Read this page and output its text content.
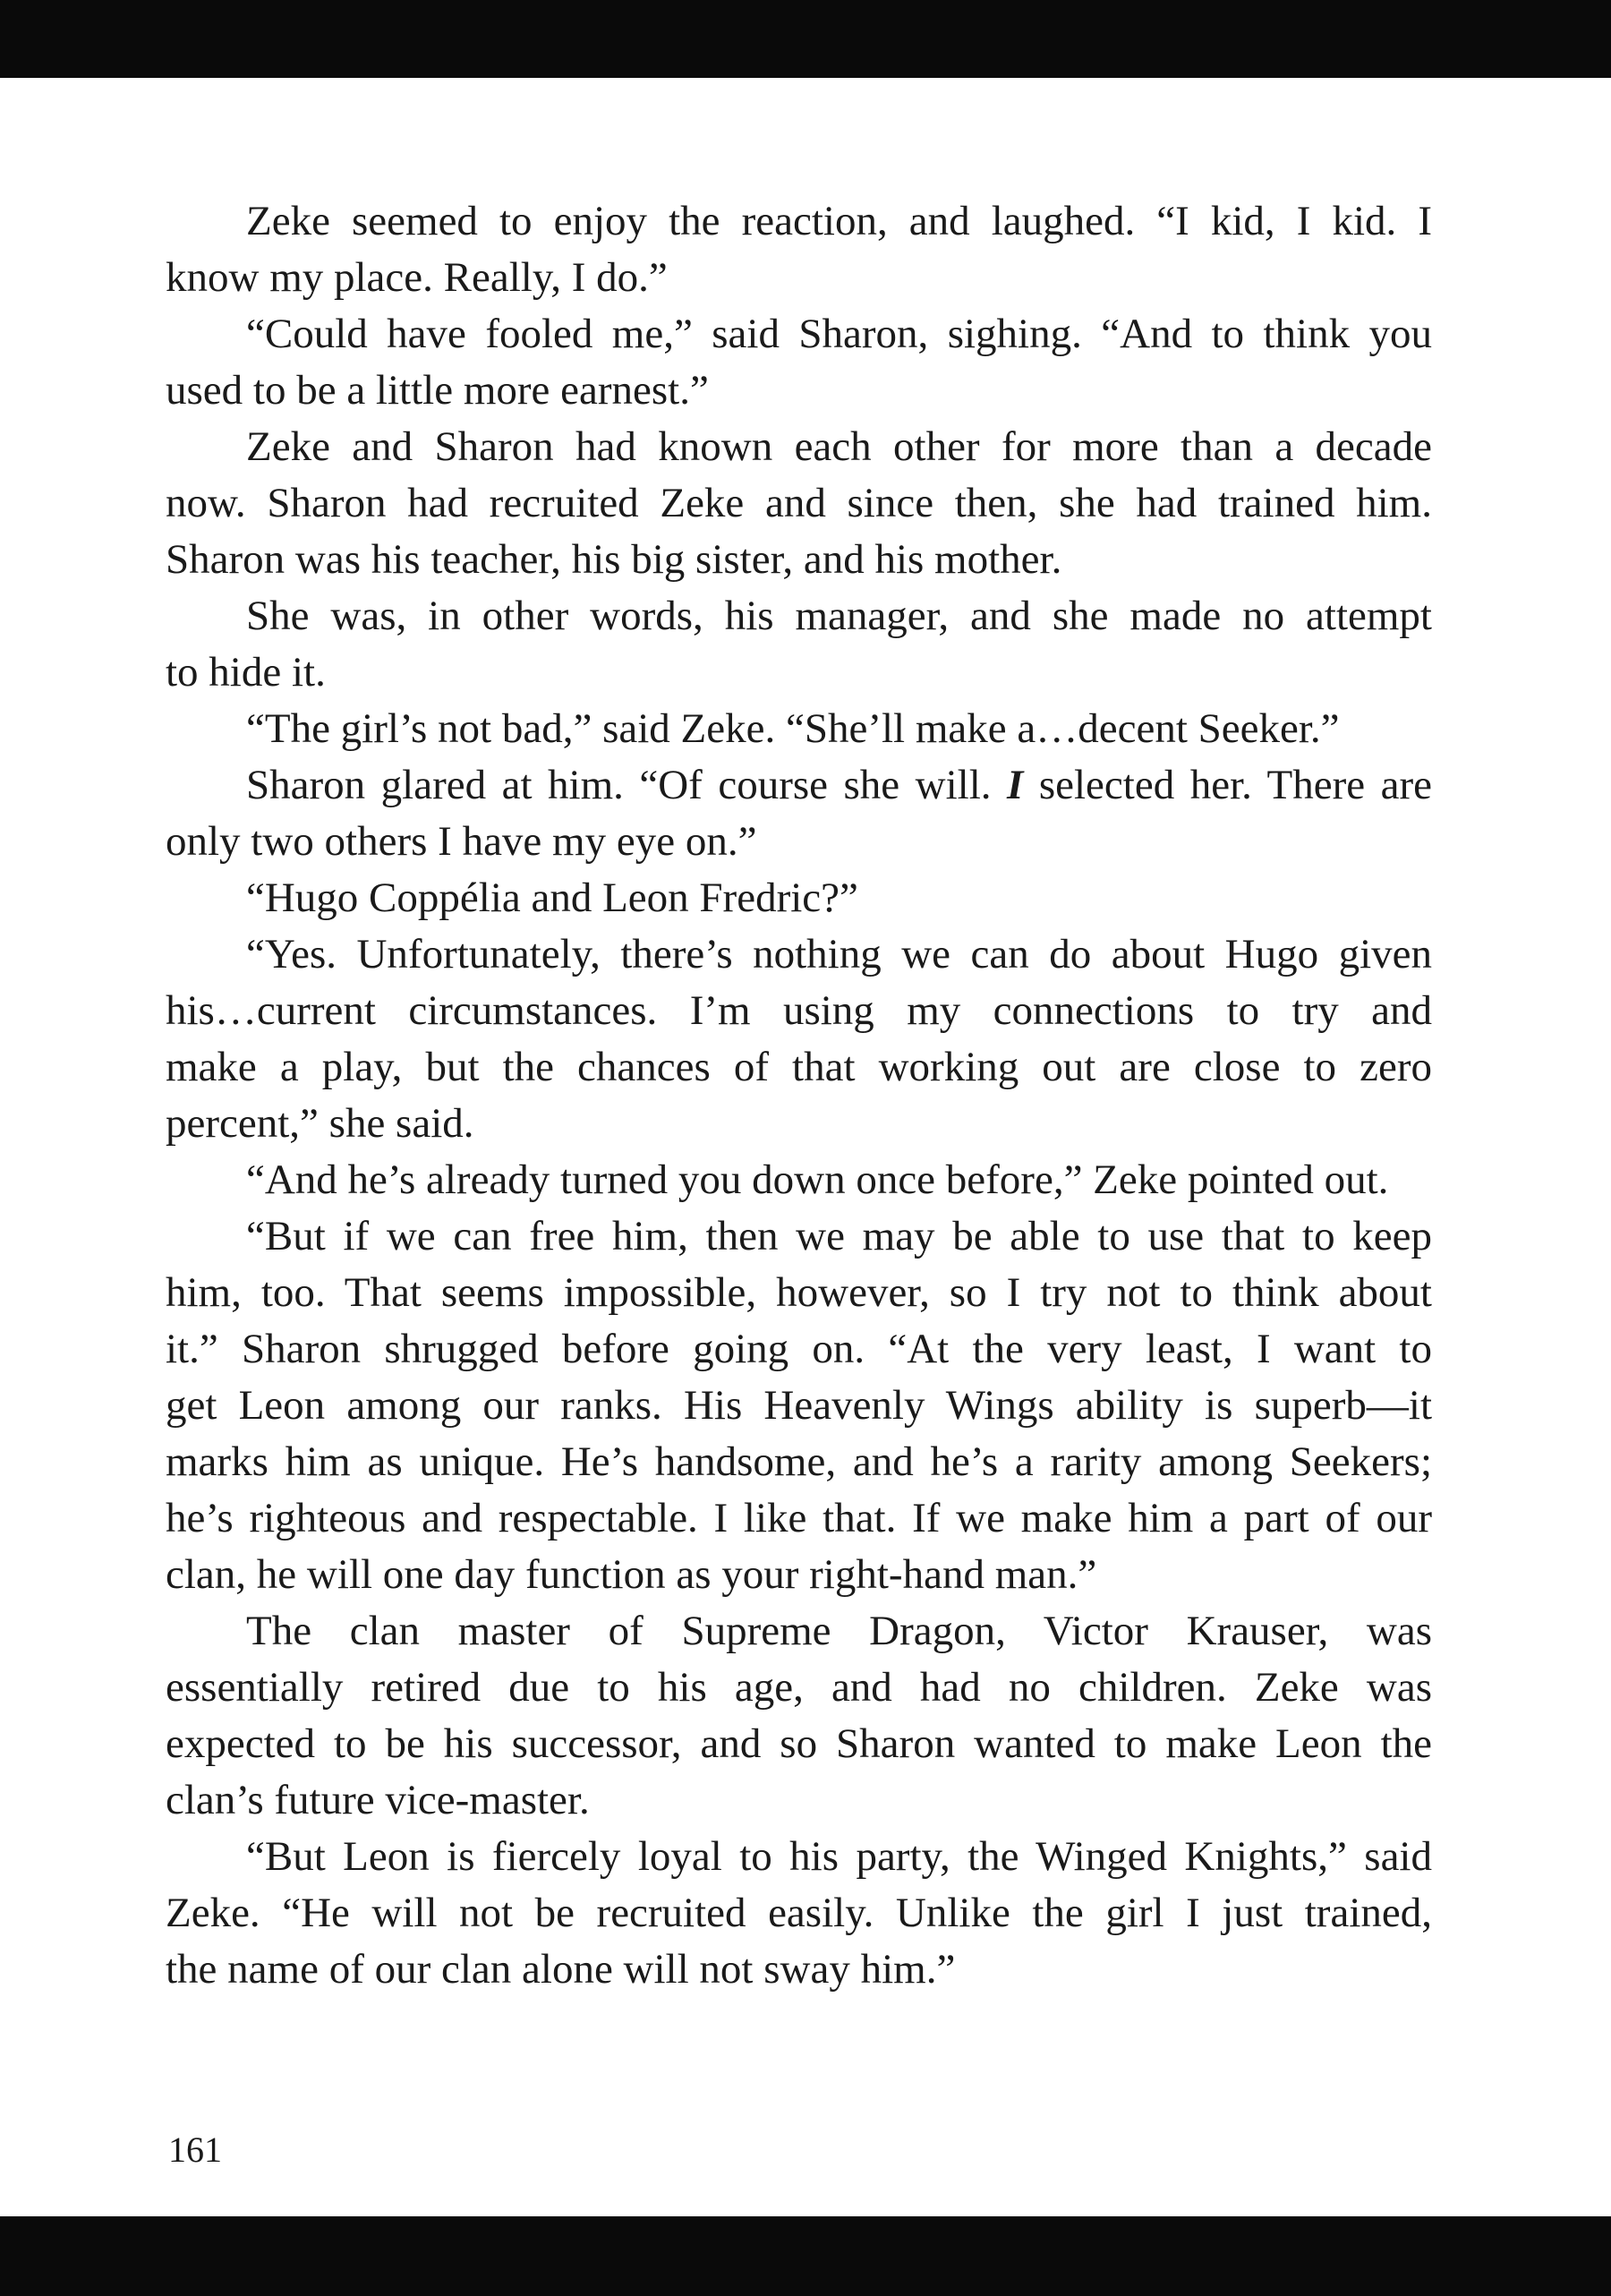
Zeke seemed to enjoy the reaction, and laughed. “I kid, I kid. I
know my place. Really, I do.”
“Could have fooled me,” said Sharon, sighing. “And to think you
used to be a little more earnest.”
Zeke and Sharon had known each other for more than a decade
now. Sharon had recruited Zeke and since then, she had trained him.
Sharon was his teacher, his big sister, and his mother.
She was, in other words, his manager, and she made no attempt
to hide it.
“The girl’s not bad,” said Zeke. “She’ll make a…decent Seeker.”
Sharon glared at him. “Of course she will. I selected her. There are
only two others I have my eye on.”
“Hugo Coppélia and Leon Fredric?”
“Yes. Unfortunately, there’s nothing we can do about Hugo given
his…current circumstances. I’m using my connections to try and
make a play, but the chances of that working out are close to zero
percent,” she said.
“And he’s already turned you down once before,” Zeke pointed out.
“But if we can free him, then we may be able to use that to keep
him, too. That seems impossible, however, so I try not to think about
it.” Sharon shrugged before going on. “At the very least, I want to
get Leon among our ranks. His Heavenly Wings ability is superb—it
marks him as unique. He’s handsome, and he’s a rarity among Seekers;
he’s righteous and respectable. I like that. If we make him a part of our
clan, he will one day function as your right-hand man.”
The clan master of Supreme Dragon, Victor Krauser, was
essentially retired due to his age, and had no children. Zeke was
expected to be his successor, and so Sharon wanted to make Leon the
clan’s future vice-master.
“But Leon is fiercely loyal to his party, the Winged Knights,” said
Zeke. “He will not be recruited easily. Unlike the girl I just trained,
the name of our clan alone will not sway him.”
161
